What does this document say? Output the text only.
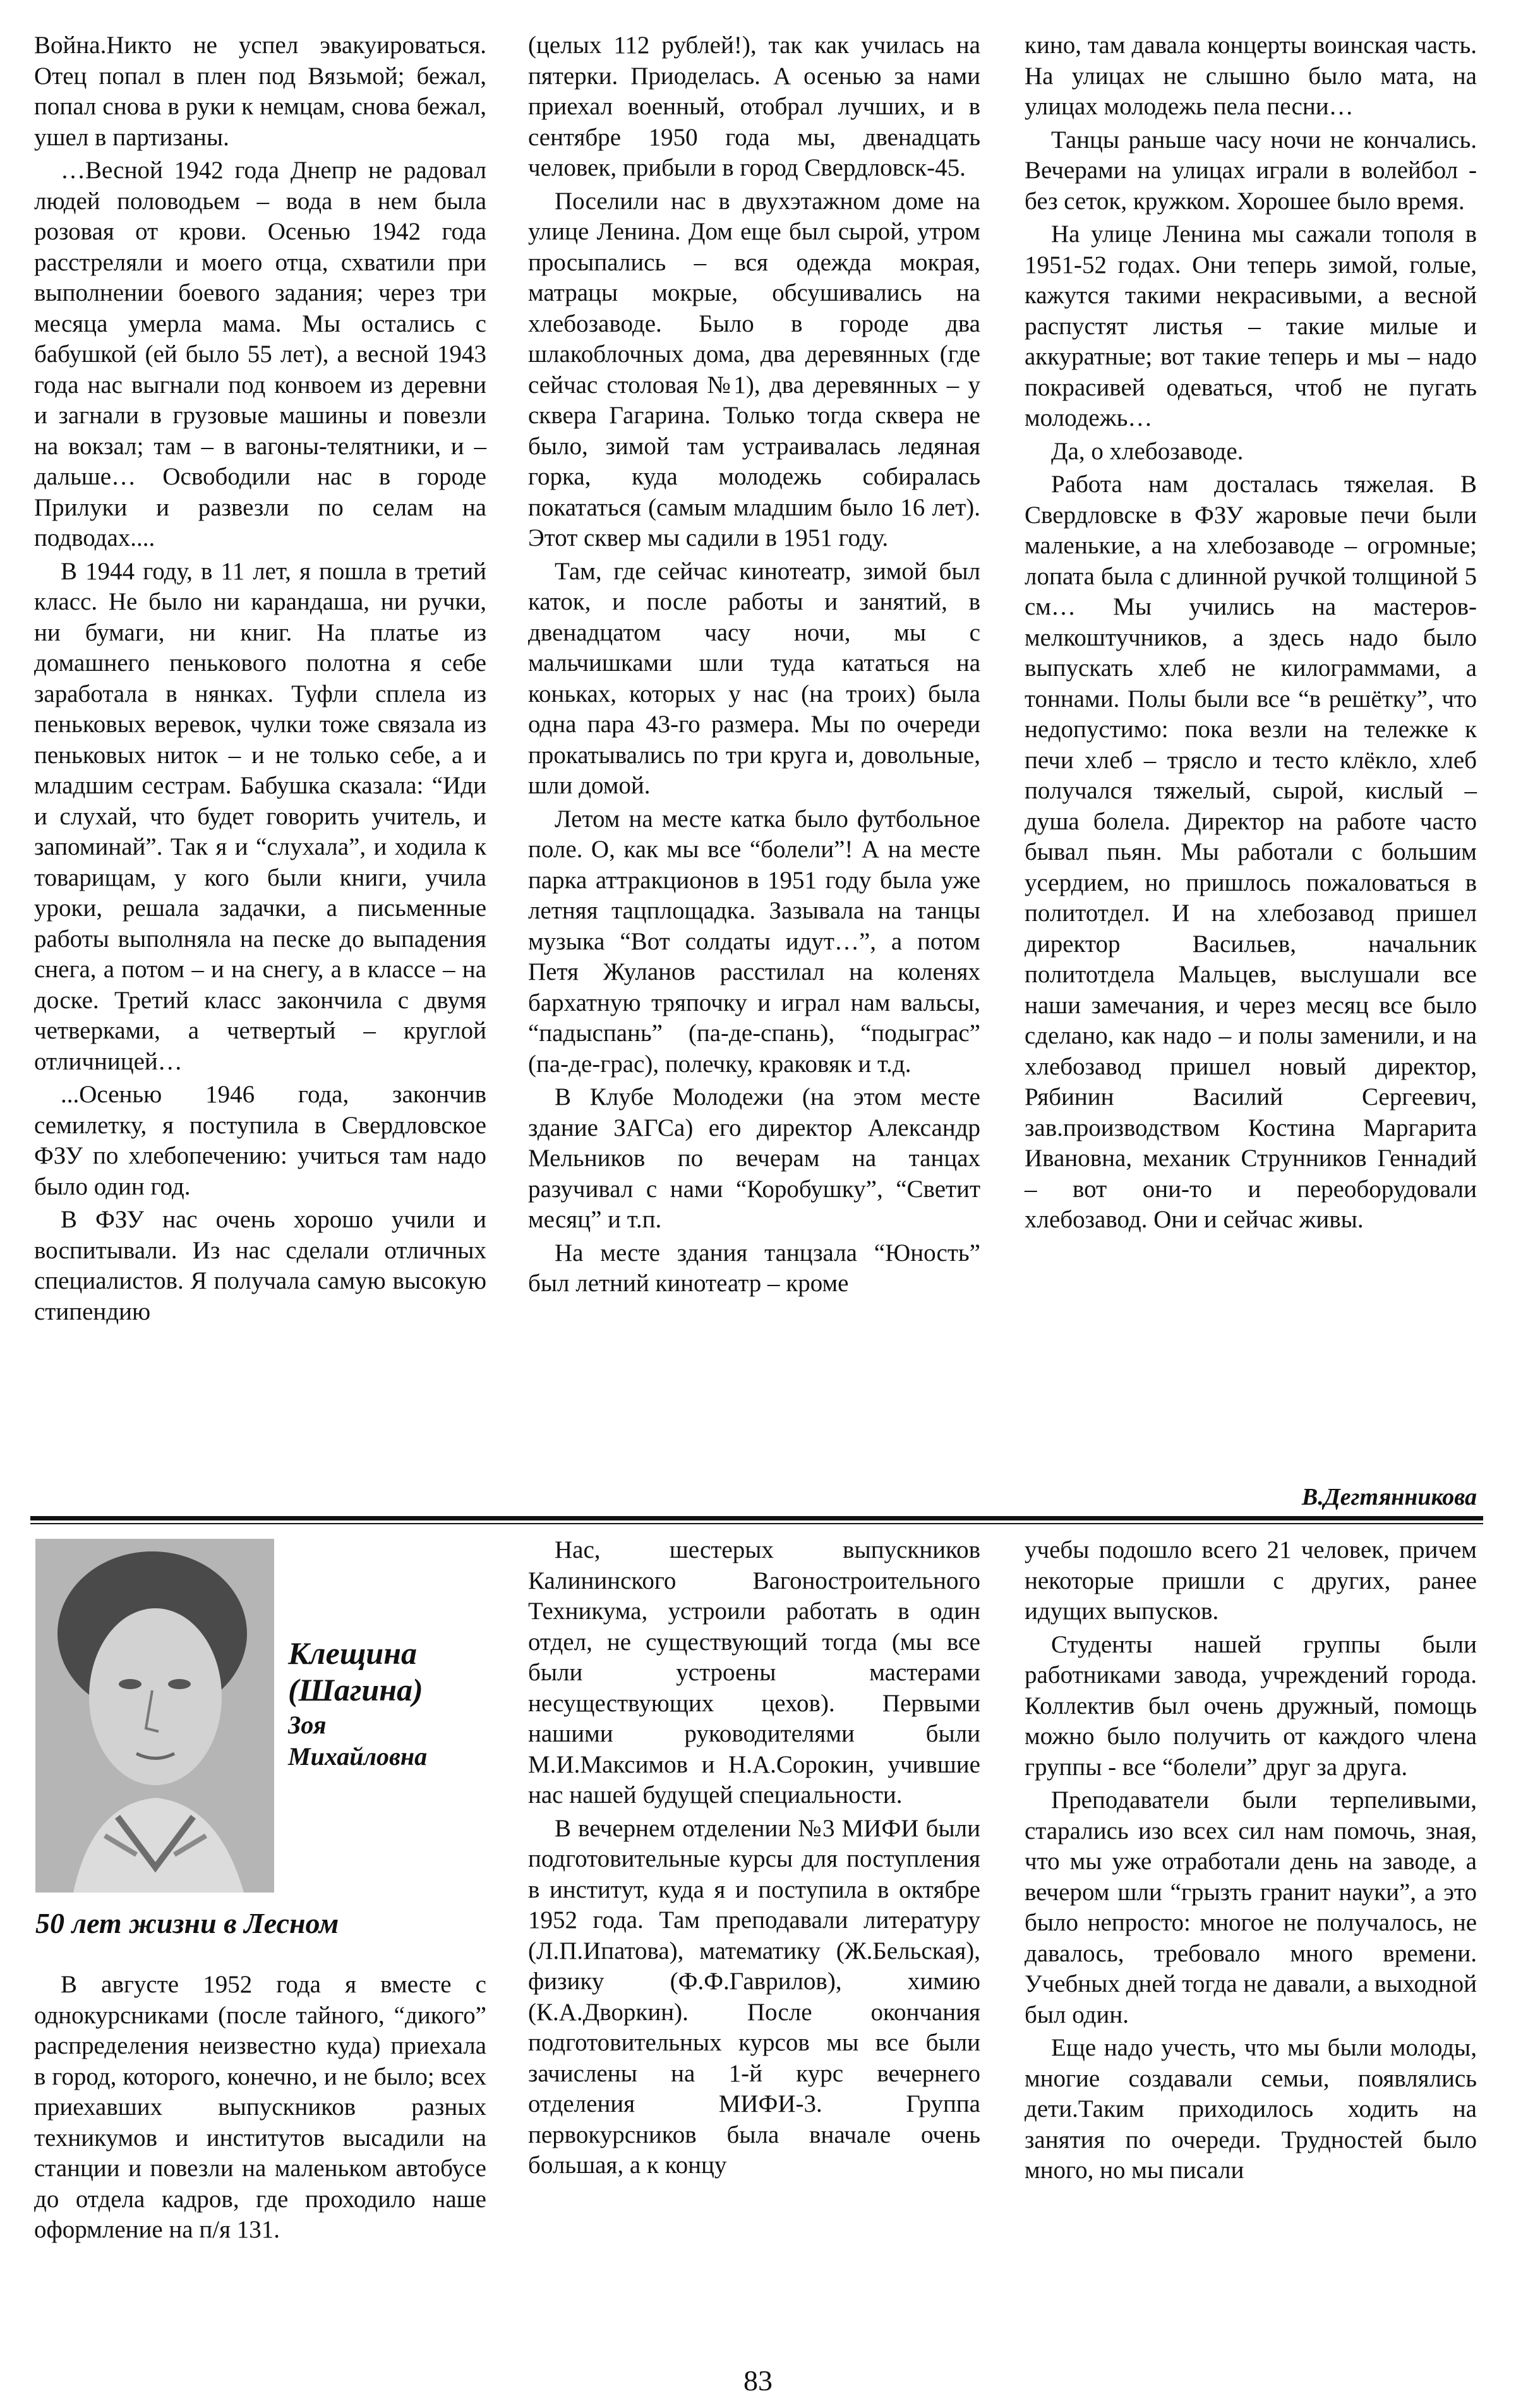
Война.Никто не успел эвакуироваться. Отец попал в плен под Вязьмой; бежал, попал снова в руки к немцам, снова бежал, ушел в партизаны.

…Весной 1942 года Днепр не радовал людей половодьем – вода в нем была розовая от крови. Осенью 1942 года расстреляли и моего отца, схватили при выполнении боевого задания; через три месяца умерла мама. Мы остались с бабушкой (ей было 55 лет), а весной 1943 года нас выгнали под конвоем из деревни и загнали в грузовые машины и повезли на вокзал; там – в вагоны-телятники, и – дальше… Освободили нас в городе Прилуки и развезли по селам на подводах....

В 1944 году, в 11 лет, я пошла в третий класс. Не было ни карандаша, ни ручки, ни бумаги, ни книг. На платье из домашнего пенькового полотна я себе заработала в нянках. Туфли сплела из пеньковых веревок, чулки тоже связала из пеньковых ниток – и не только себе, а и младшим сестрам. Бабушка сказала: “Иди и слухай, что будет говорить учитель, и запоминай”. Так я и “слухала”, и ходила к товарищам, у кого были книги, учила уроки, решала задачки, а письменные работы выполняла на песке до выпадения снега, а потом – и на снегу, а в классе – на доске. Третий класс закончила с двумя четверками, а четвертый – круглой отличницей…

...Осенью 1946 года, закончив семилетку, я поступила в Свердловское ФЗУ по хлебопечению: учиться там надо было один год.

В ФЗУ нас очень хорошо учили и воспитывали. Из нас сделали отличных специалистов. Я получала самую высокую стипендию

(целых 112 рублей!), так как училась на пятерки. Приоделась. А осенью за нами приехал военный, отобрал лучших, и в сентябре 1950 года мы, двенадцать человек, прибыли в город Свердловск-45.

Поселили нас в двухэтажном доме на улице Ленина. Дом еще был сырой, утром просыпались – вся одежда мокрая, матрацы мокрые, обсушивались на хлебозаводе. Было в городе два шлакоблочных дома, два деревянных (где сейчас столовая №1), два деревянных – у сквера Гагарина. Только тогда сквера не было, зимой там устраивалась ледяная горка, куда молодежь собиралась покататься (самым младшим было 16 лет). Этот сквер мы садили в 1951 году.

Там, где сейчас кинотеатр, зимой был каток, и после работы и занятий, в двенадцатом часу ночи, мы с мальчишками шли туда кататься на коньках, которых у нас (на троих) была одна пара 43-го размера. Мы по очереди прокатывались по три круга и, довольные, шли домой.

Летом на месте катка было футбольное поле. О, как мы все “болели”! А на месте парка аттракционов в 1951 году была уже летняя тацплощадка. Зазывала на танцы музыка “Вот солдаты идут…”, а потом Петя Жуланов расстилал на коленях бархатную тряпочку и играл нам вальсы, “падыспань” (па-де-спань), “подыграс” (па-де-грас), полечку, краковяк и т.д.

В Клубе Молодежи (на этом месте здание ЗАГСа) его директор Александр Мельников по вечерам на танцах разучивал с нами “Коробушку”, “Светит месяц” и т.п.

На месте здания танцзала “Юность” был летний кинотеатр – кроме

кино, там давала концерты воинская часть. На улицах не слышно было мата, на улицах молодежь пела песни…

Танцы раньше часу ночи не кончались. Вечерами на улицах играли в волейбол - без сеток, кружком. Хорошее было время.

На улице Ленина мы сажали тополя в 1951-52 годах. Они теперь зимой, голые, кажутся такими некрасивыми, а весной распустят листья – такие милые и аккуратные; вот такие теперь и мы – надо покрасивей одеваться, чтоб не пугать молодежь…

Да, о хлебозаводе.

Работа нам досталась тяжелая. В Свердловске в ФЗУ жаровые печи были маленькие, а на хлебозаводе – огромные; лопата была с длинной ручкой толщиной 5 см… Мы учились на мастеров-мелкоштучников, а здесь надо было выпускать хлеб не килограммами, а тоннами. Полы были все “в решётку”, что недопустимо: пока везли на тележке к печи хлеб – трясло и тесто клёкло, хлеб получался тяжелый, сырой, кислый – душа болела. Директор на работе часто бывал пьян. Мы работали с большим усердием, но пришлось пожаловаться в политотдел. И на хлебозавод пришел директор Васильев, начальник политотдела Мальцев, выслушали все наши замечания, и через месяц все было сделано, как надо – и полы заменили, и на хлебозавод пришел новый директор, Рябинин Василий Сергеевич, зав.производством Костина Маргарита Ивановна, механик Струнников Геннадий – вот они-то и переоборудовали хлебозавод. Они и сейчас живы.

В.Дегтянникова
Клещина
(Шагина)
Зоя
Михайловна
50 лет жизни в Лесном

В августе 1952 года я вместе с однокурсниками (после тайного, “дикого” распределения неизвестно куда) приехала в город, которого, конечно, и не было; всех приехавших выпускников разных техникумов и институтов высадили на станции и повезли на маленьком автобусе до отдела кадров, где проходило наше оформление на п/я 131.

Нас, шестерых выпускников Калининского Вагоностроительного Техникума, устроили работать в один отдел, не существующий тогда (мы все были устроены мастерами несуществующих цехов). Первыми нашими руководителями были М.И.Максимов и Н.А.Сорокин, учившие нас нашей будущей специальности.

В вечернем отделении №3 МИФИ были подготовительные курсы для поступления в институт, куда я и поступила в октябре 1952 года. Там преподавали литературу (Л.П.Ипатова), математику (Ж.Бельская), физику (Ф.Ф.Гаврилов), химию (К.А.Дворкин). После окончания подготовительных курсов мы все были зачислены на 1-й курс вечернего отделения МИФИ-3. Группа первокурсников была вначале очень большая, а к концу

учебы подошло всего 21 человек, причем некоторые пришли с других, ранее идущих выпусков.

Студенты нашей группы были работниками завода, учреждений города. Коллектив был очень дружный, помощь можно было получить от каждого члена группы - все “болели” друг за друга.

Преподаватели были терпеливыми, старались изо всех сил нам помочь, зная, что мы уже отработали день на заводе, а вечером шли “грызть гранит науки”, а это было непросто: многое не получалось, не давалось, требовало много времени. Учебных дней тогда не давали, а выходной был один.

Еще надо учесть, что мы были молоды, многие создавали семьи, появлялись дети.Таким приходилось ходить на занятия по очереди. Трудностей было много, но мы писали

83
